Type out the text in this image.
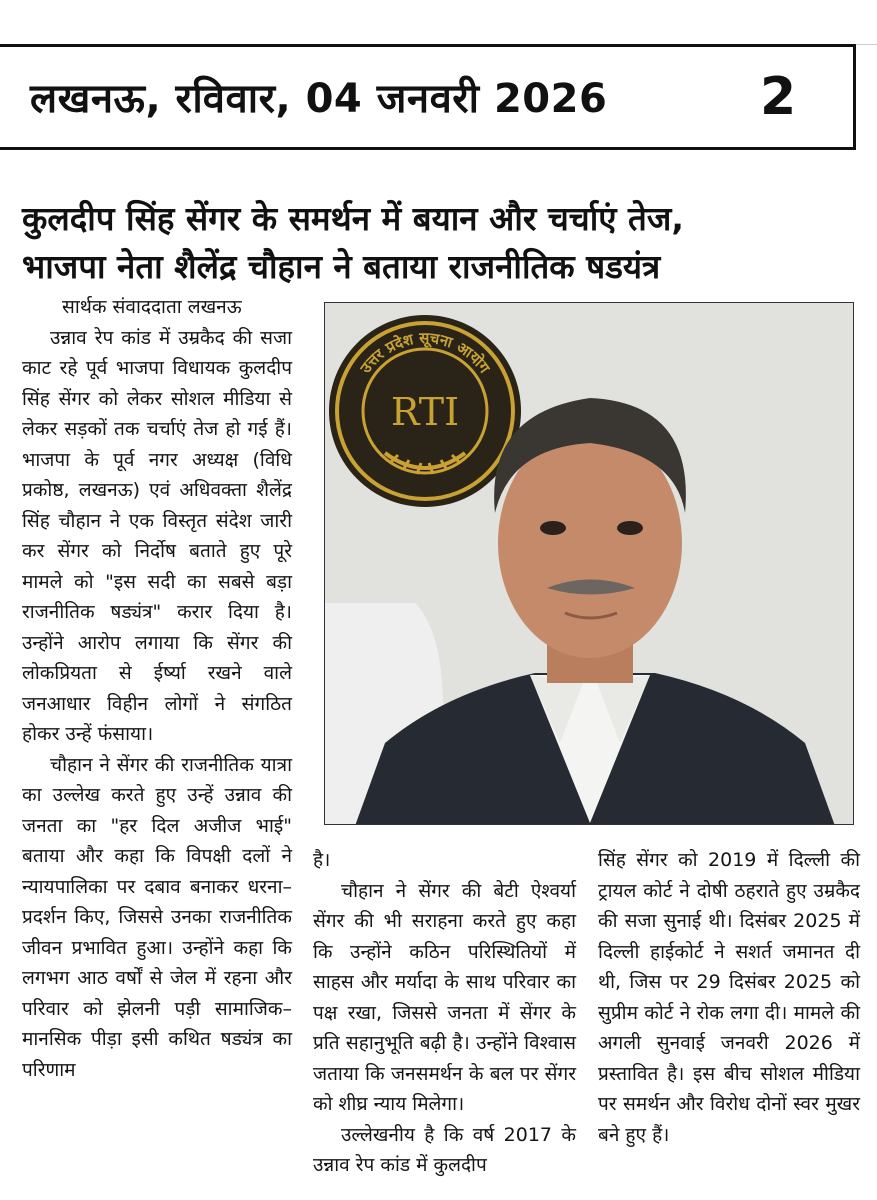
लखनऊ, रविवार, 04 जनवरी 2026	2
कुलदीप सिंह सेंगर के समर्थन में बयान और चर्चाएं तेज,
भाजपा नेता शैलेंद्र चौहान ने बताया राजनीतिक षडयंत्र

सार्थक संवाददाता लखनऊ

उन्नाव रेप कांड में उम्रकैद की सजा काट रहे पूर्व भाजपा विधायक कुलदीप सिंह सेंगर को लेकर सोशल मीडिया से लेकर सड़कों तक चर्चाएं तेज हो गई हैं। भाजपा के पूर्व नगर अध्यक्ष (विधि प्रकोष्ठ, लखनऊ) एवं अधिवक्ता शैलेंद्र सिंह चौहान ने एक विस्तृत संदेश जारी कर सेंगर को निर्दोष बताते हुए पूरे मामले को "इस सदी का सबसे बड़ा राजनीतिक षड्यंत्र" करार दिया है। उन्होंने आरोप लगाया कि सेंगर की लोकप्रियता से ईर्ष्या रखने वाले जनआधार विहीन लोगों ने संगठित होकर उन्हें फंसाया।

चौहान ने सेंगर की राजनीतिक यात्रा का उल्लेख करते हुए उन्हें उन्नाव की जनता का "हर दिल अजीज भाई" बताया और कहा कि विपक्षी दलों ने न्यायपालिका पर दबाव बनाकर धरना–प्रदर्शन किए, जिससे उनका राजनीतिक जीवन प्रभावित हुआ। उन्होंने कहा कि लगभग आठ वर्षों से जेल में रहना और परिवार को झेलनी पड़ी सामाजिक–मानसिक पीड़ा इसी कथित षड्यंत्र का परिणाम

उत्तर प्रदेश सूचना आयोग
RTI

है।

चौहान ने सेंगर की बेटी ऐश्वर्या सेंगर की भी सराहना करते हुए कहा कि उन्होंने कठिन परिस्थितियों में साहस और मर्यादा के साथ परिवार का पक्ष रखा, जिससे जनता में सेंगर के प्रति सहानुभूति बढ़ी है। उन्होंने विश्वास जताया कि जनसमर्थन के बल पर सेंगर को शीघ्र न्याय मिलेगा।

उल्लेखनीय है कि वर्ष 2017 के उन्नाव रेप कांड में कुलदीप

सिंह सेंगर को 2019 में दिल्ली की ट्रायल कोर्ट ने दोषी ठहराते हुए उम्रकैद की सजा सुनाई थी। दिसंबर 2025 में दिल्ली हाईकोर्ट ने सशर्त जमानत दी थी, जिस पर 29 दिसंबर 2025 को सुप्रीम कोर्ट ने रोक लगा दी। मामले की अगली सुनवाई जनवरी 2026 में प्रस्तावित है। इस बीच सोशल मीडिया पर समर्थन और विरोध दोनों स्वर मुखर बने हुए हैं।
